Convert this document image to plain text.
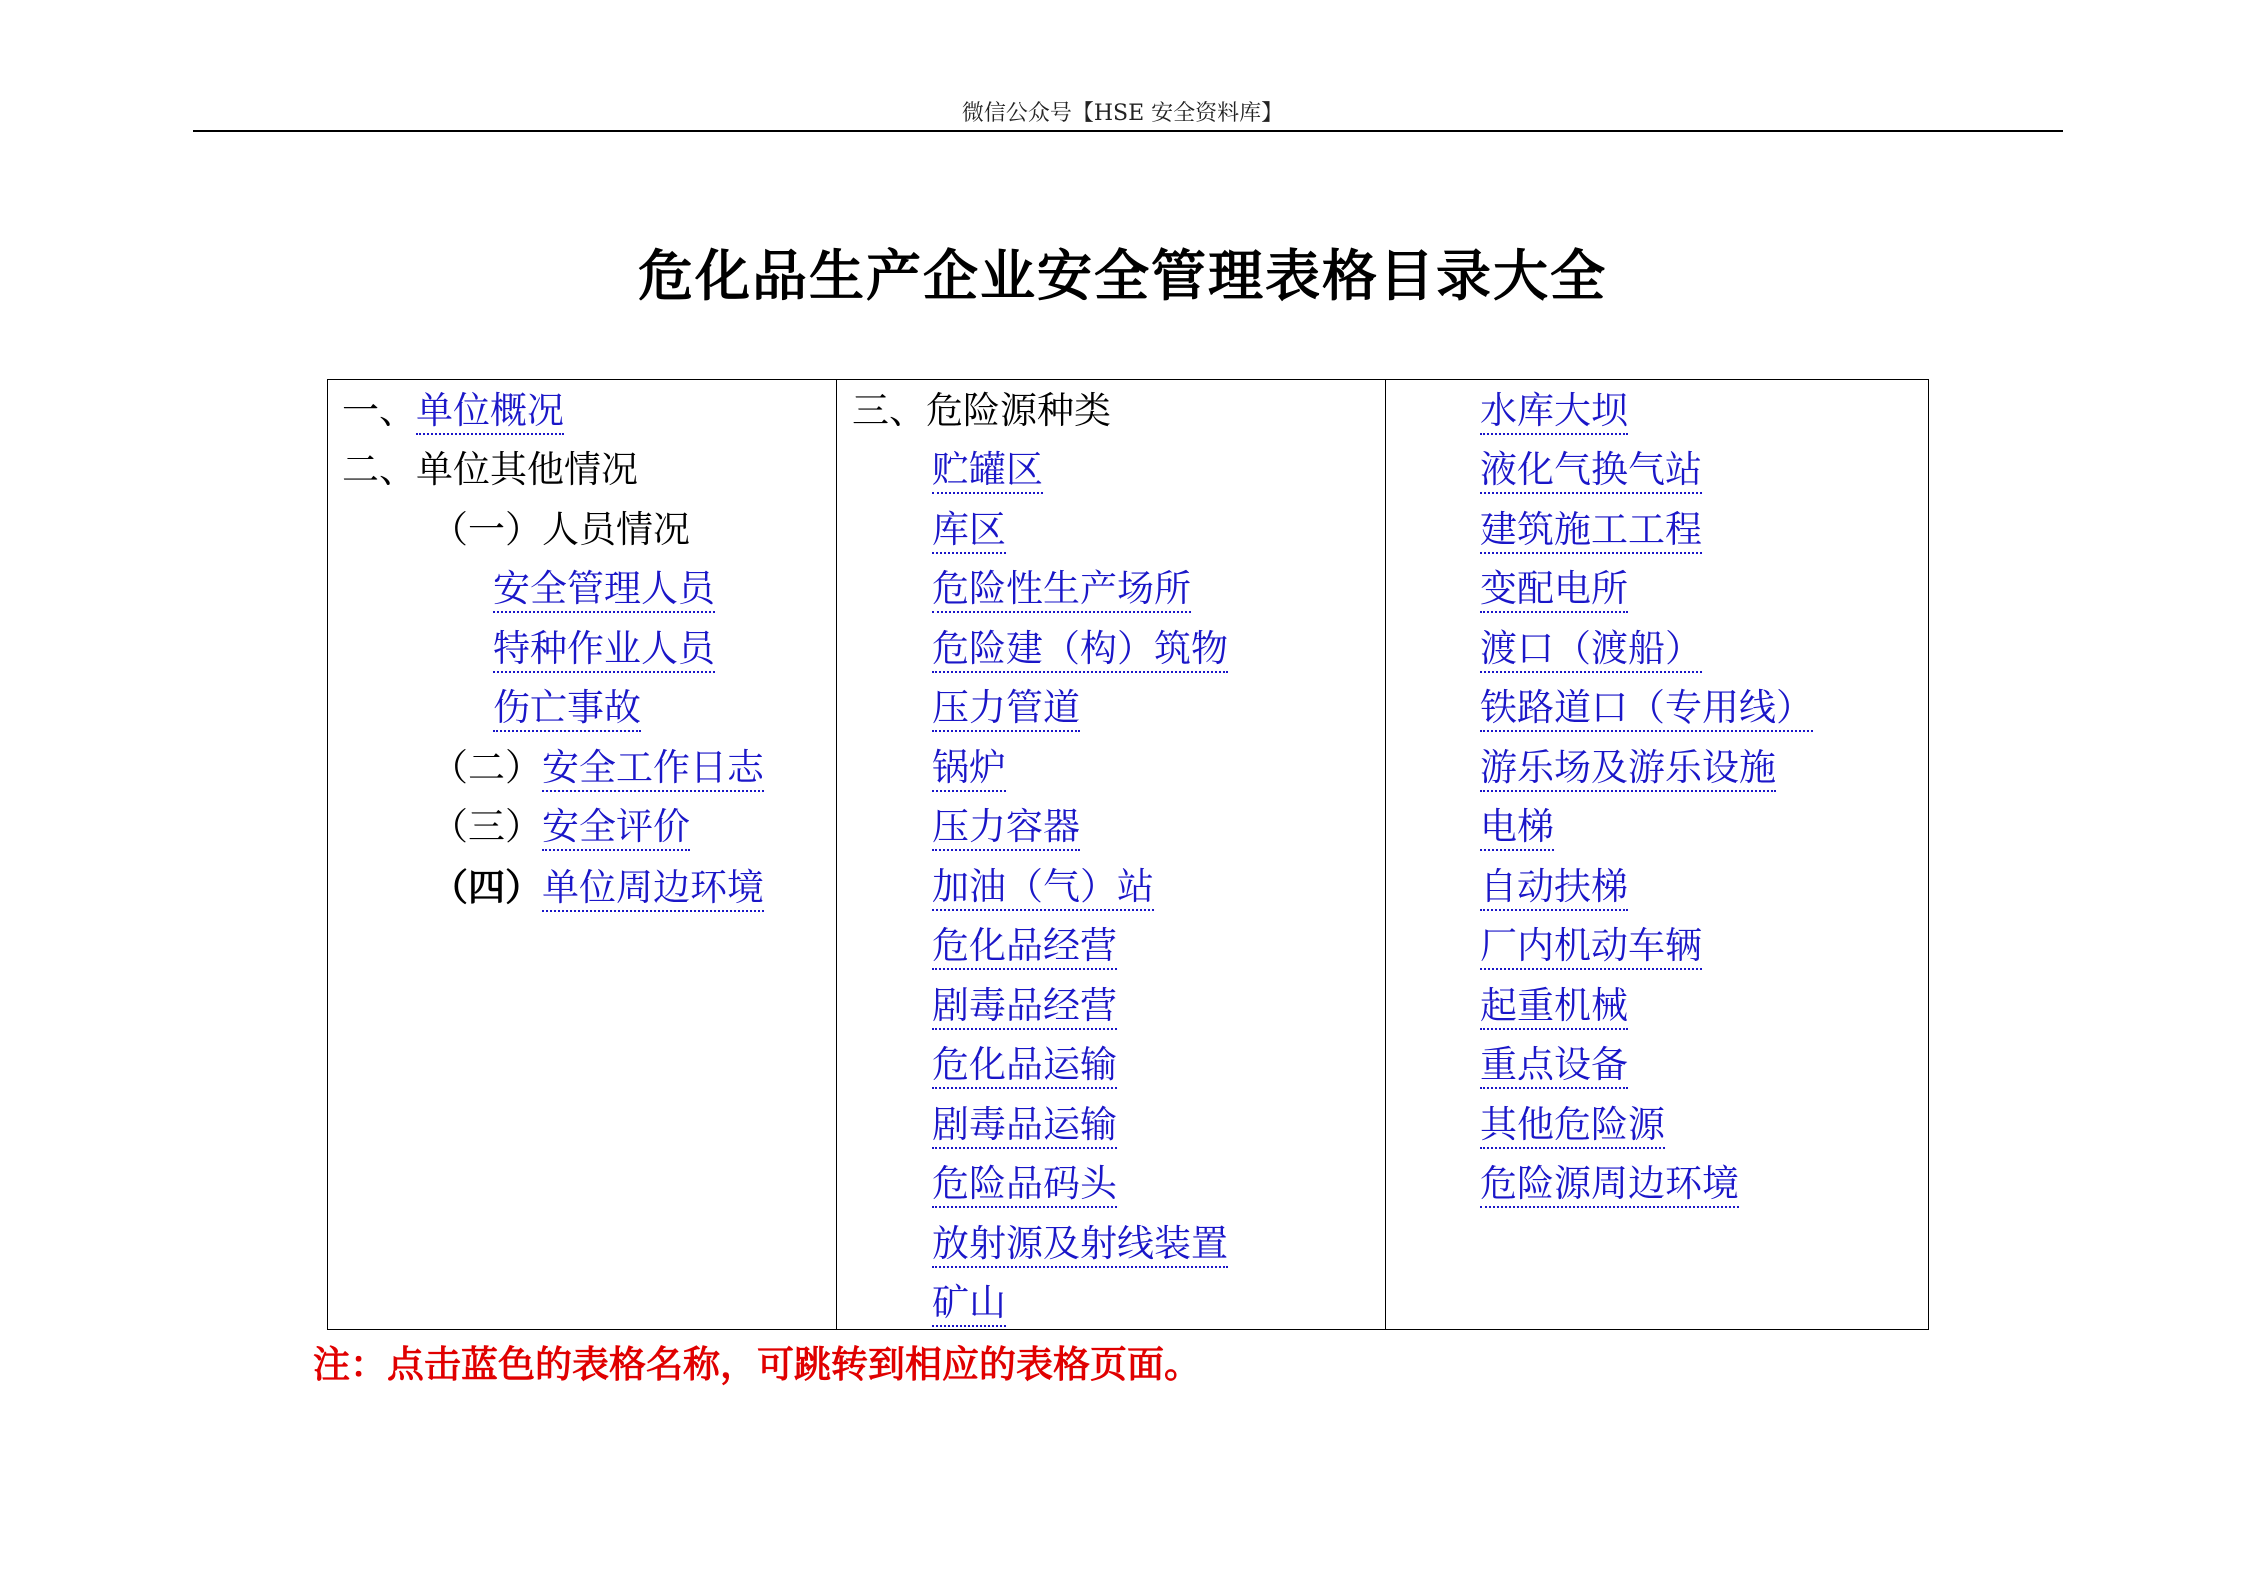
微信公众号【HSE 安全资料库】
危化品生产企业安全管理表格目录大全
一、单位概况
二、单位其他情况
（一）人员情况
安全管理人员
特种作业人员
伤亡事故
（二）安全工作日志
（三）安全评价
（四）单位周边环境
三、危险源种类
贮罐区
库区
危险性生产场所
危险建（构）筑物
压力管道
锅炉
压力容器
加油（气）站
危化品经营
剧毒品经营
危化品运输
剧毒品运输
危险品码头
放射源及射线装置
矿山
水库大坝
液化气换气站
建筑施工工程
变配电所
渡口（渡船）
铁路道口（专用线）
游乐场及游乐设施
电梯
自动扶梯
厂内机动车辆
起重机械
重点设备
其他危险源
危险源周边环境
注：点击蓝色的表格名称，可跳转到相应的表格页面。
